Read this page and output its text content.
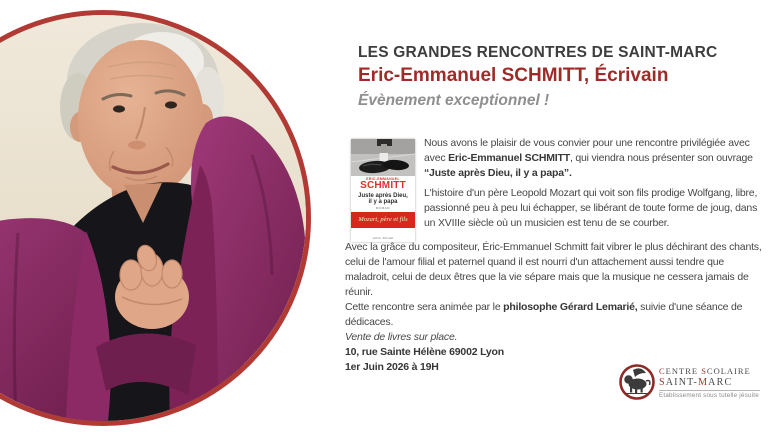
LES GRANDES RENCONTRES DE SAINT-MARC
Eric-Emmanuel SCHMITT, Écrivain
Évènement exceptionnel !
ERIC-EMMANUEL
SCHMITT
Juste après Dieu, il y a papa
ROMAN
Mozart, père et fils
Albin Michel
Nous avons le plaisir de vous convier pour une rencontre privilégiée avec avec Eric-Emmanuel SCHMITT, qui viendra nous présenter son ouvrage “Juste après Dieu, il y a papa”.
L'histoire d'un père Leopold Mozart qui voit son fils prodige Wolfgang, libre, passionné peu à peu lui échapper, se libérant de toute forme de joug, dans un XVIIIe siècle où un musicien est tenu de se courber.
Avec la grâce du compositeur, Éric-Emmanuel Schmitt fait vibrer le plus déchirant des chants, celui de l'amour filial et paternel quand il est nourri d'un attachement aussi tendre que maladroit, celui de deux êtres que la vie sépare mais que la musique ne cessera jamais de réunir.
Cette rencontre sera animée par le philosophe Gérard Lemarié, suivie d'une séance de dédicaces.
Vente de livres sur place.
10, rue Sainte Hélène 69002 Lyon
1er Juin 2026 à 19H	CENTRE SCOLAIRE
SAINT-MARC
Etablissement sous tutelle jésuite
